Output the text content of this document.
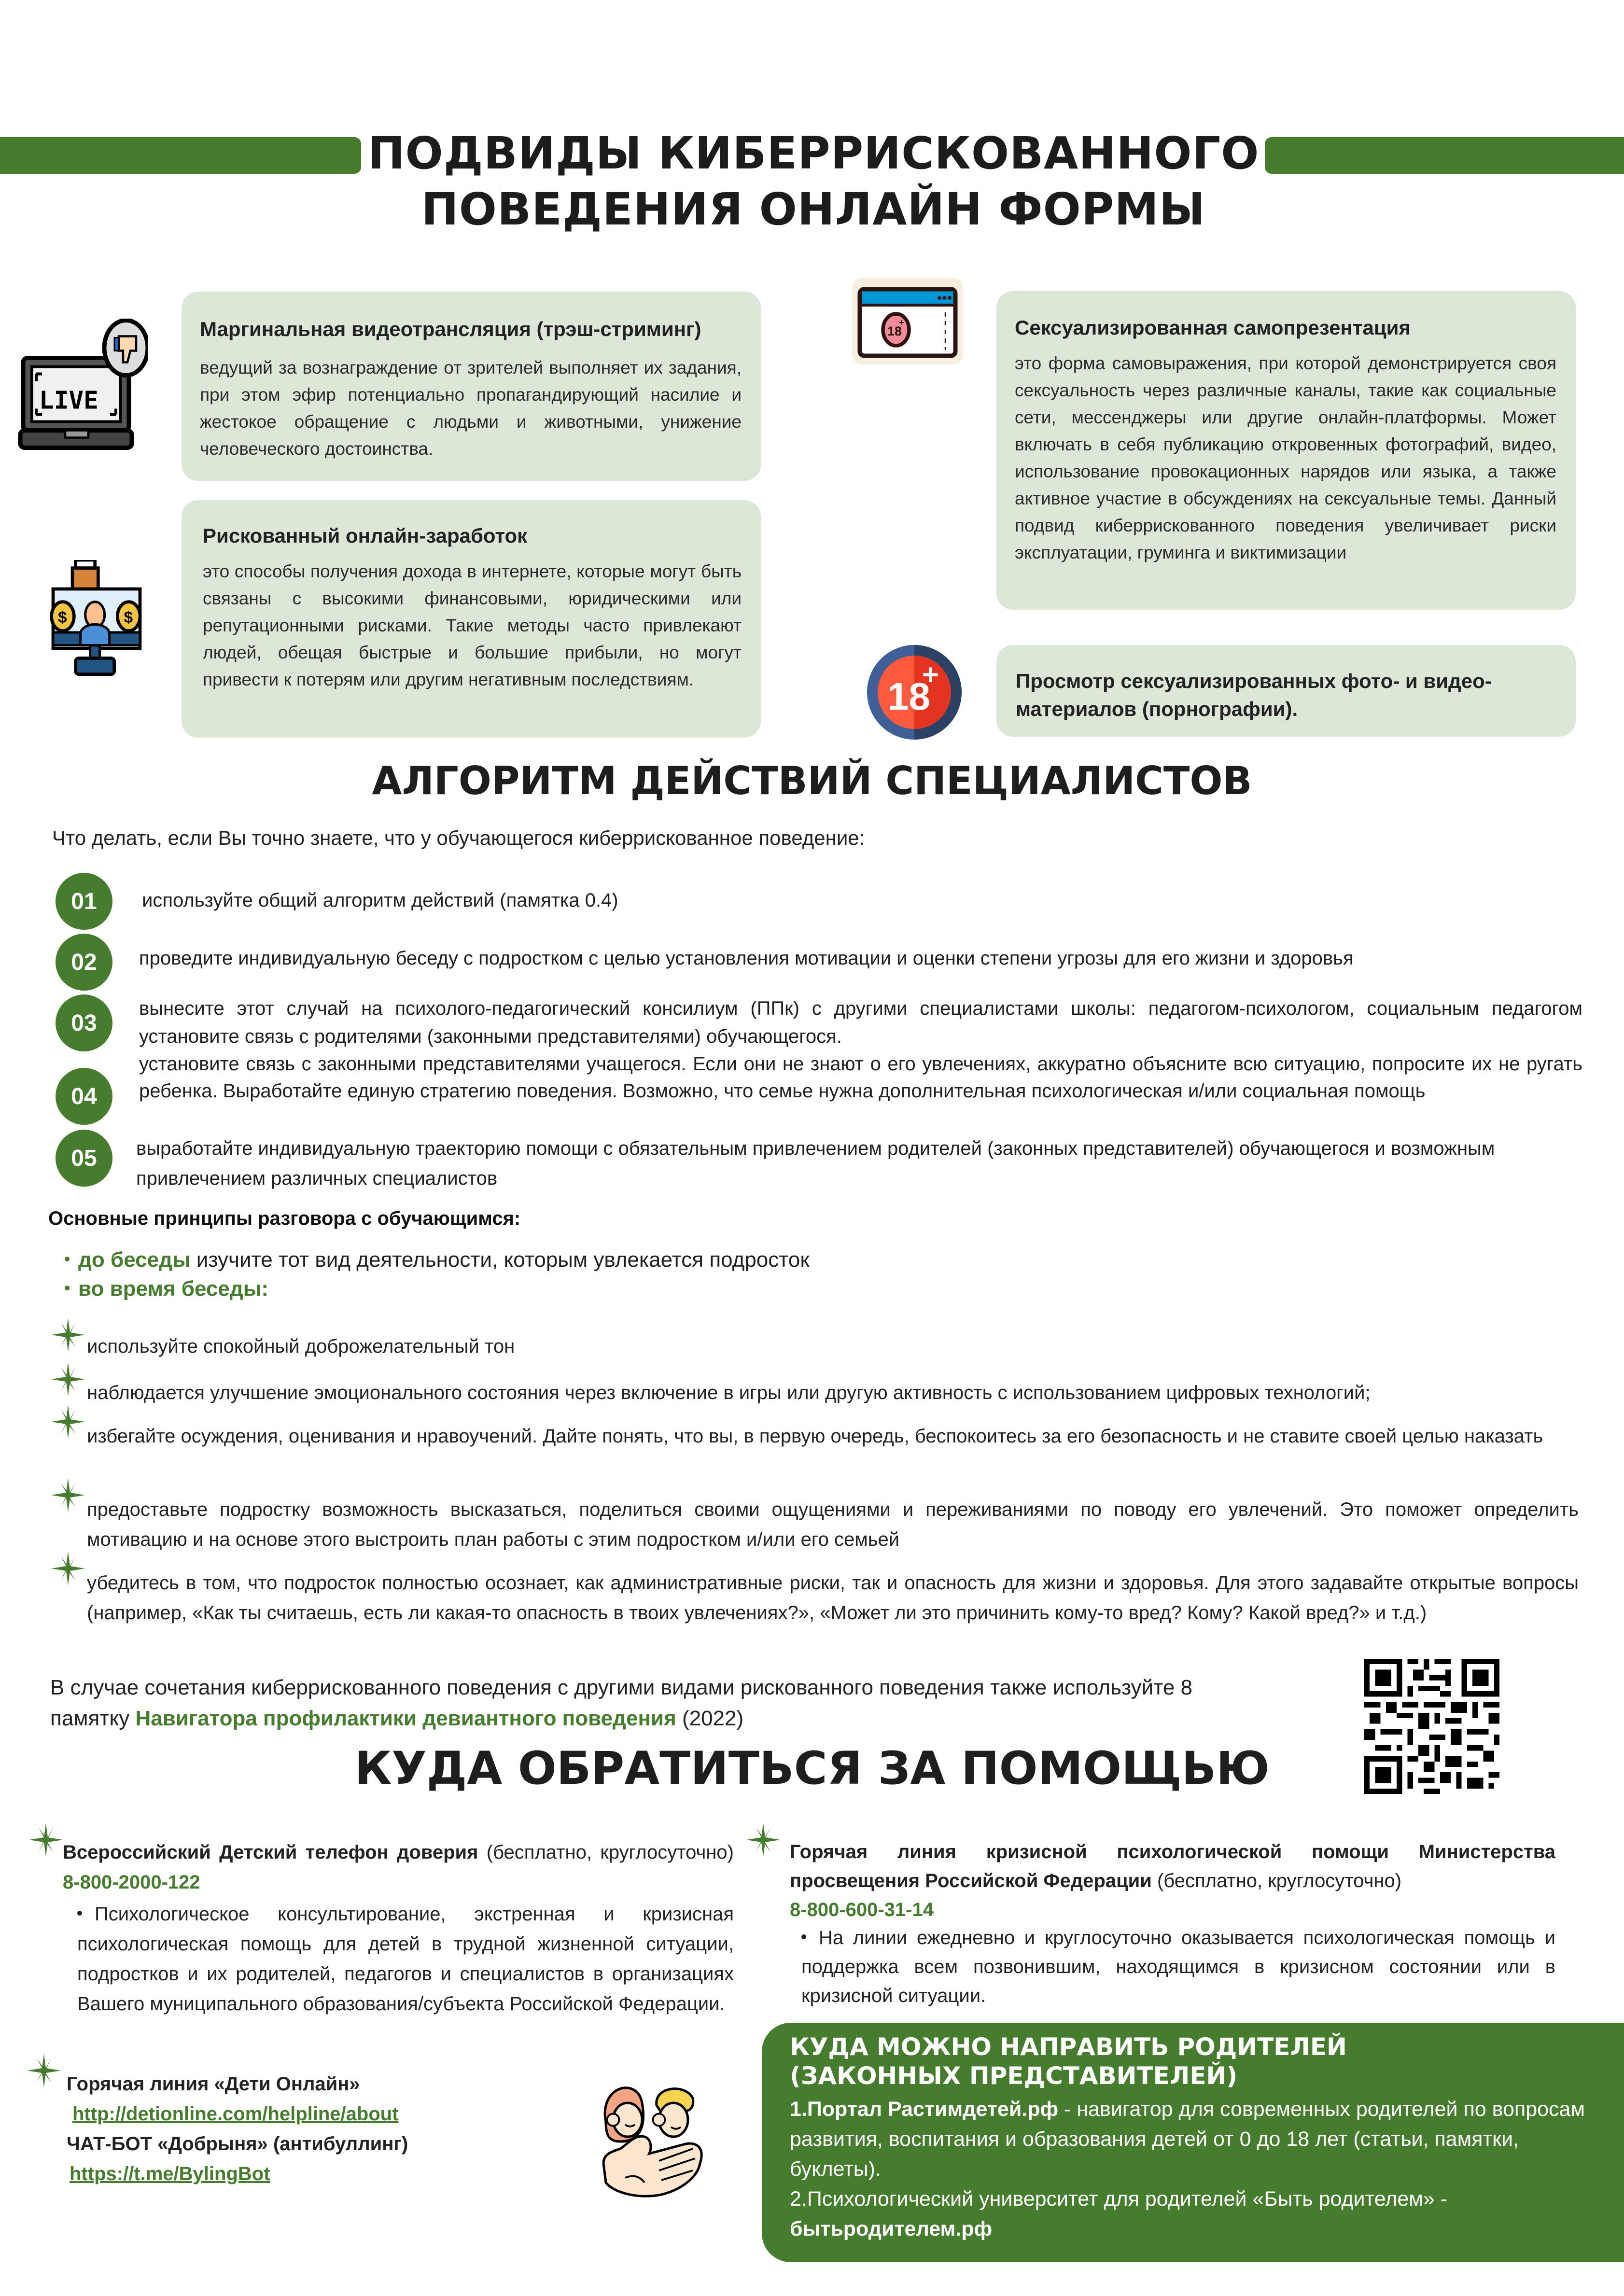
ПОДВИДЫ КИБЕРРИСКОВАННОГО
ПОВЕДЕНИЯ ОНЛАЙН ФОРМЫ
LIVE
Маргинальная видеотрансляция (трэш-стриминг)
ведущий за вознаграждение от зрителей выполняет их задания, при этом эфир потенциально пропагандирующий насилие и жестокое обращение с людьми и животными, унижение человеческого достоинства.
$	$
Рискованный онлайн-заработок
это способы получения дохода в интернете, которые могут быть связаны с высокими финансовыми, юридическими или репутационными рисками. Такие методы часто привлекают людей, обещая быстрые и большие прибыли, но могут привести к потерям или другим негативным последствиям.
18
+	Сексуализированная самопрезентация
это форма самовыражения, при которой демонстрируется своя сексуальность через различные каналы, такие как социальные сети, мессенджеры или другие онлайн-платформы. Может включать в себя публикацию откровенных фотографий, видео, использование провокационных нарядов или языка, а также активное участие в обсуждениях на сексуальные темы. Данный подвид киберрискованного поведения увеличивает риски эксплуатации, груминга и виктимизации
18
+	Просмотр сексуализированных фото- и видео-материалов (порнографии).
АЛГОРИТМ ДЕЙСТВИЙ СПЕЦИАЛИСТОВ
Что делать, если Вы точно знаете, что у обучающегося киберрискованное поведение:
01 используйте общий алгоритм действий (памятка 0.4)
02 проведите индивидуальную беседу с подростком с целью установления мотивации и оценки степени угрозы для его жизни и здоровья
03
вынесите этот случай на психолого-педагогический консилиум (ППк) с другими специалистами школы: педагогом-психологом, социальным педагогом установите связь с родителями (законными представителями) обучающегося.
04
установите связь с законными представителями учащегося. Если они не знают о его увлечениях, аккуратно объясните всю ситуацию, попросите их не ругать ребенка. Выработайте единую стратегию поведения. Возможно, что семье нужна дополнительная психологическая и/или социальная помощь
05 выработайте индивидуальную траекторию помощи с обязательным привлечением родителей (законных представителей) обучающегося и возможным привлечением различных специалистов
Основные принципы разговора с обучающимся:
до беседы изучите тот вид деятельности, которым увлекается подросток
во время беседы:
используйте спокойный доброжелательный тон
наблюдается улучшение эмоционального состояния через включение в игры или другую активность с использованием цифровых технологий;
избегайте осуждения, оценивания и нравоучений. Дайте понять, что вы, в первую очередь, беспокоитесь за его безопасность и не ставите своей целью наказать
предоставьте подростку возможность высказаться, поделиться своими ощущениями и переживаниями по поводу его увлечений. Это поможет определить мотивацию и на основе этого выстроить план работы с этим подростком и/или его семьей
убедитесь в том, что подросток полностью осознает, как административные риски, так и опасность для жизни и здоровья. Для этого задавайте открытые вопросы (например, «Как ты считаешь, есть ли какая-то опасность в твоих увлечениях?», «Может ли это причинить кому-то вред? Кому? Какой вред?» и т.д.)
В случае сочетания киберрискованного поведения с другими видами рискованного поведения также используйте 8 памятку Навигатора профилактики девиантного поведения (2022)
КУДА ОБРАТИТЬСЯ ЗА ПОМОЩЬЮ
Всероссийский Детский телефон доверия (бесплатно, круглосуточно) 8-800-2000-122
Психологическое консультирование, экстренная и кризисная психологическая помощь для детей в трудной жизненной ситуации, подростков и их родителей, педагогов и специалистов в организациях Вашего муниципального образования/субъекта Российской Федерации.
Горячая линия кризисной психологической помощи Министерства просвещения Российской Федерации (бесплатно, круглосуточно)
8-800-600-31-14
На линии ежедневно и круглосуточно оказывается психологическая помощь и поддержка всем позвонившим, находящимся в кризисном состоянии или в кризисной ситуации.
Горячая линия «Дети Онлайн»
http://detionline.com/helpline/about
ЧАТ-БОТ «Добрыня» (антибуллинг)
https://t.me/BylingBot
КУДА МОЖНО НАПРАВИТЬ РОДИТЕЛЕЙ
(ЗАКОННЫХ ПРЕДСТАВИТЕЛЕЙ)
1.Портал Растимдетей.рф - навигатор для современных родителей по вопросам развития, воспитания и образования детей от 0 до 18 лет (статьи, памятки, буклеты).
2.Психологический университет для родителей «Быть родителем» - бытьродителем.рф
